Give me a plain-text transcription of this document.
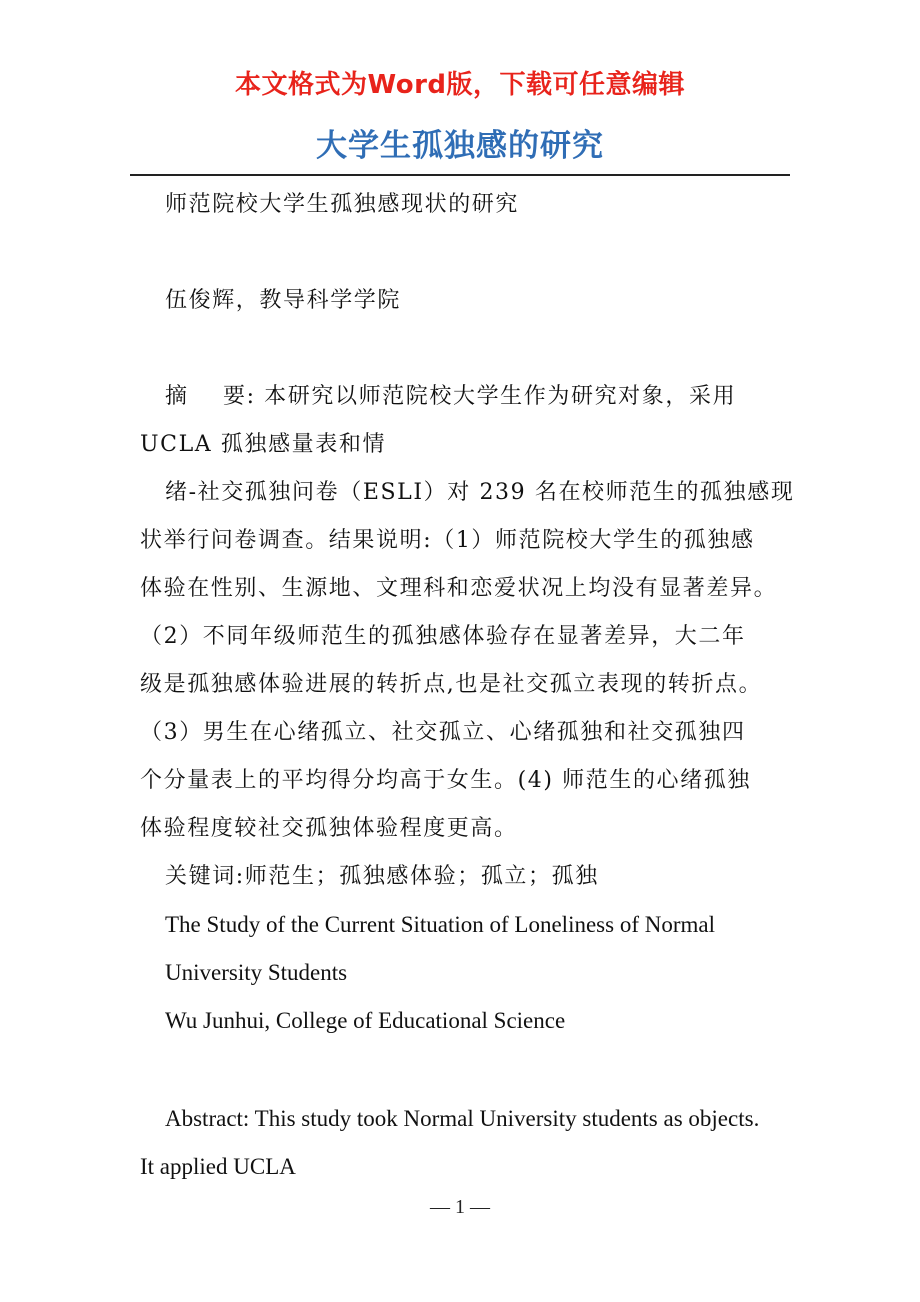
本文格式为Word版，下载可任意编辑
大学生孤独感的研究
师范院校大学生孤独感现状的研究
伍俊辉，教导科学学院
摘    要: 本研究以师范院校大学生作为研究对象，采用
UCLA 孤独感量表和情
绪-社交孤独问卷（ESLI）对 239 名在校师范生的孤独感现
状举行问卷调查。结果说明:（1）师范院校大学生的孤独感
体验在性别、生源地、文理科和恋爱状况上均没有显著差异。
（2）不同年级师范生的孤独感体验存在显著差异，大二年
级是孤独感体验进展的转折点,也是社交孤立表现的转折点。
（3）男生在心绪孤立、社交孤立、心绪孤独和社交孤独四
个分量表上的平均得分均高于女生。(4) 师范生的心绪孤独
体验程度较社交孤独体验程度更高。
关键词:师范生；孤独感体验；孤立；孤独
The Study of the Current Situation of Loneliness of Normal
University Students
Wu Junhui, College of Educational Science
Abstract: This study took Normal University students as objects.
It applied UCLA
— 1 —
